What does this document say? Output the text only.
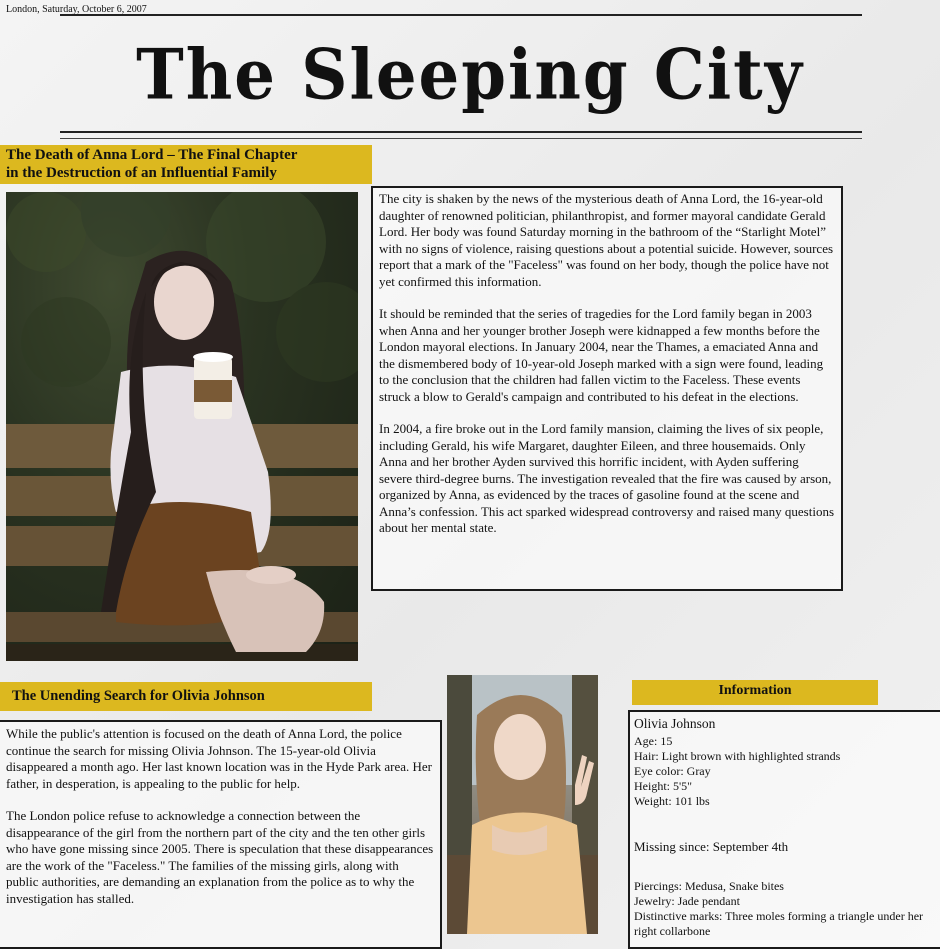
London, Saturday, October 6, 2007
The Sleeping City
The Death of Anna Lord – The Final Chapter
in the Destruction of an Influential Family

The city is shaken by the news of the mysterious death of Anna Lord, the 16-year-old daughter of renowned politician, philanthropist, and former mayoral candidate Gerald Lord. Her body was found Saturday morning in the bathroom of the “Starlight Motel” with no signs of violence, raising questions about a potential suicide. However, sources report that a mark of the "Faceless" was found on her body, though the police have not yet confirmed this information.

It should be reminded that the series of tragedies for the Lord family began in 2003 when Anna and her younger brother Joseph were kidnapped a few months before the London mayoral elections. In January 2004, near the Thames, a emaciated Anna and the dismembered body of 10-year-old Joseph marked with a sign were found, leading to the conclusion that the children had fallen victim to the Faceless. These events struck a blow to Gerald's campaign and contributed to his defeat in the elections.

In 2004, a fire broke out in the Lord family mansion, claiming the lives of six people, including Gerald, his wife Margaret, daughter Eileen, and three housemaids. Only Anna and her brother Ayden survived this horrific incident, with Ayden suffering severe third-degree burns. The investigation revealed that the fire was caused by arson, organized by Anna, as evidenced by the traces of gasoline found at the scene and Anna’s confession. This act sparked widespread controversy and raised many questions about her mental state.

The Unending Search for Olivia Johnson

While the public's attention is focused on the death of Anna Lord, the police continue the search for missing Olivia Johnson. The 15-year-old Olivia disappeared a month ago. Her last known location was in the Hyde Park area. Her father, in desperation, is appealing to the public for help.

The London police refuse to acknowledge a connection between the disappearance of the girl from the northern part of the city and the ten other girls who have gone missing since 2005. There is speculation that these disappearances are the work of the "Faceless." The families of the missing girls, along with public authorities, are demanding an explanation from the police as to why the investigation has stalled.

Information
Olivia Johnson
Age: 15
Hair: Light brown with highlighted strands
Eye color: Gray
Height: 5'5"
Weight: 101 lbs
Missing since: September 4th
Piercings: Medusa, Snake bites
Jewelry: Jade pendant
Distinctive marks: Three moles forming a triangle under her right collarbone
